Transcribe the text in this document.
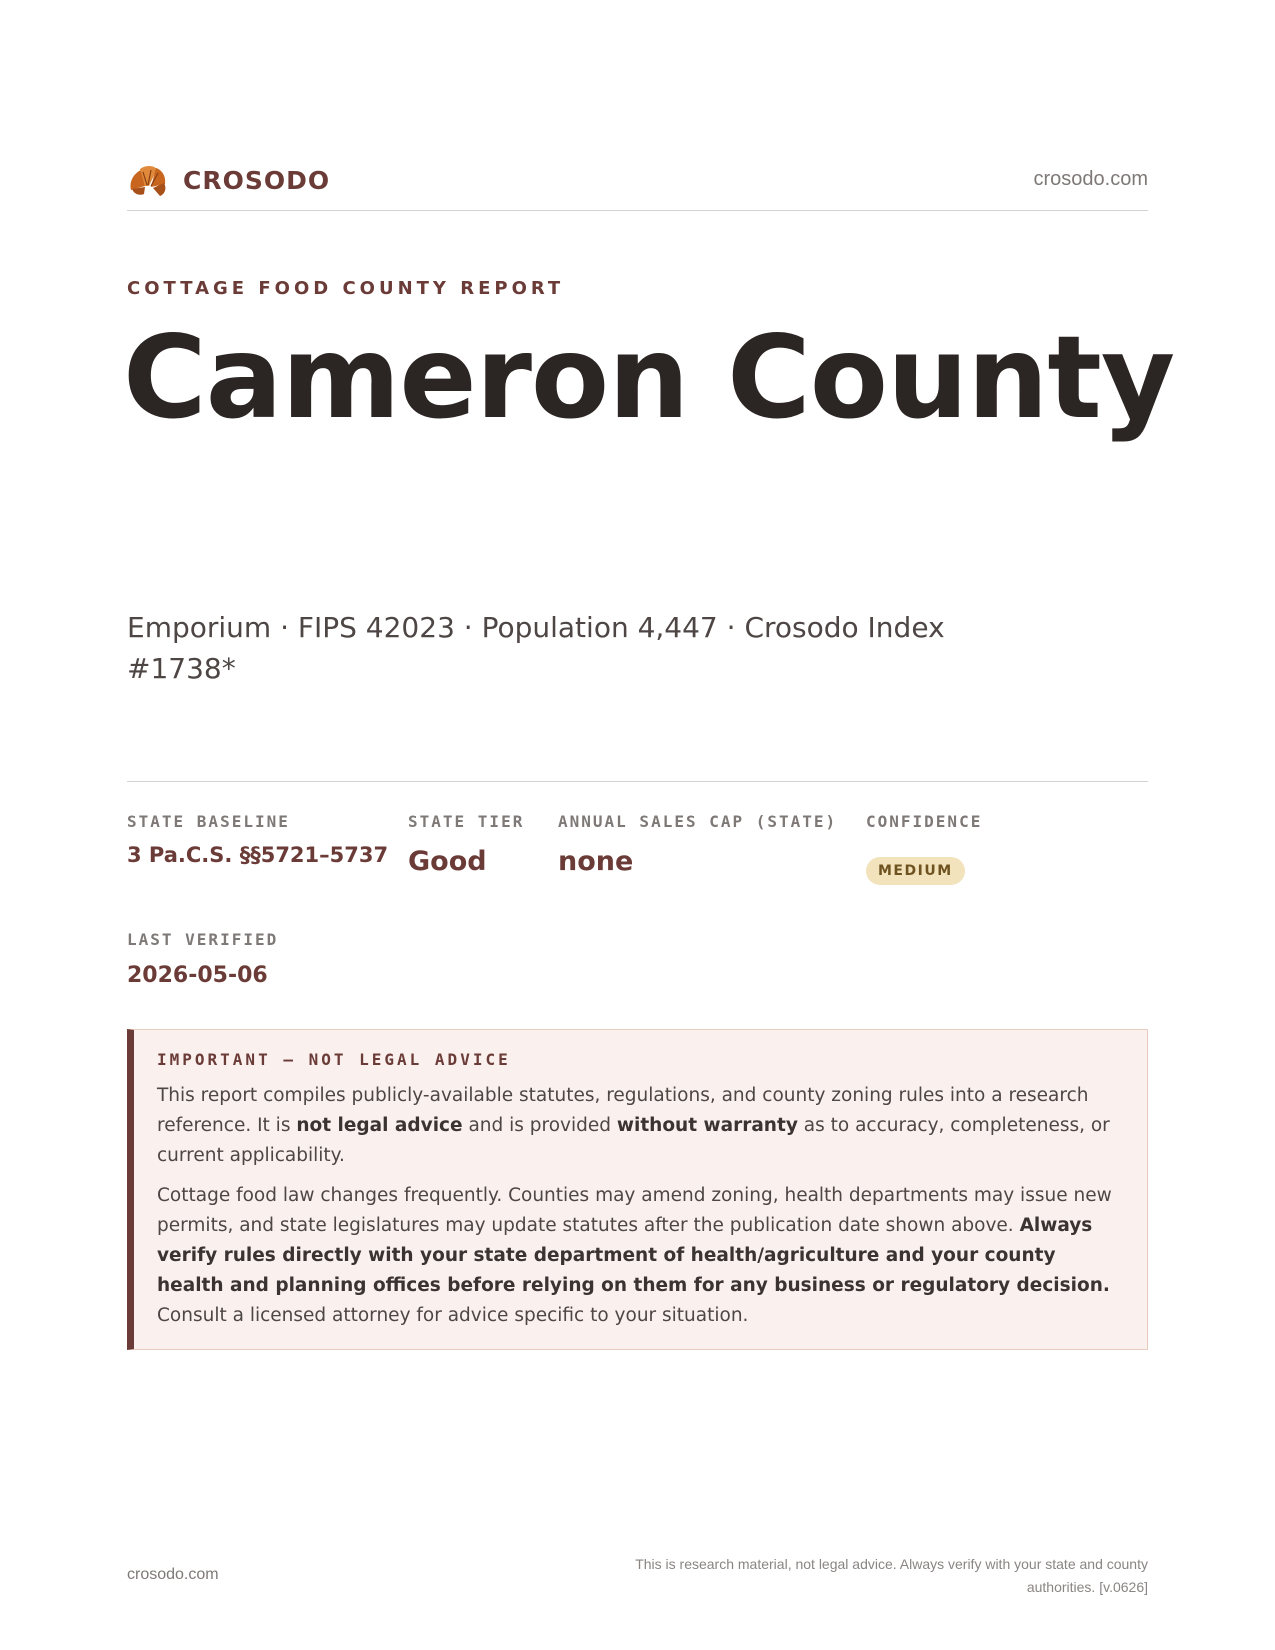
CROSODO	crosodo.com
COTTAGE FOOD COUNTY REPORT
Cameron County
Emporium · FIPS 42023 · Population 4,447 · Crosodo Index #1738*
STATE BASELINE
3 Pa.C.S. §§5721–5737
STATE TIER
Good
ANNUAL SALES CAP (STATE)
none
CONFIDENCE
MEDIUM
LAST VERIFIED
2026-05-06
IMPORTANT — NOT LEGAL ADVICE

This report compiles publicly-available statutes, regulations, and county zoning rules into a research reference. It is not legal advice and is provided without warranty as to accuracy, completeness, or current applicability.

Cottage food law changes frequently. Counties may amend zoning, health departments may issue new permits, and state legislatures may update statutes after the publication date shown above. Always verify rules directly with your state department of health/agriculture and your county health and planning offices before relying on them for any business or regulatory decision. Consult a licensed attorney for advice specific to your situation.

crosodo.com
This is research material, not legal advice. Always verify with your state and county authorities. [v.0626]
